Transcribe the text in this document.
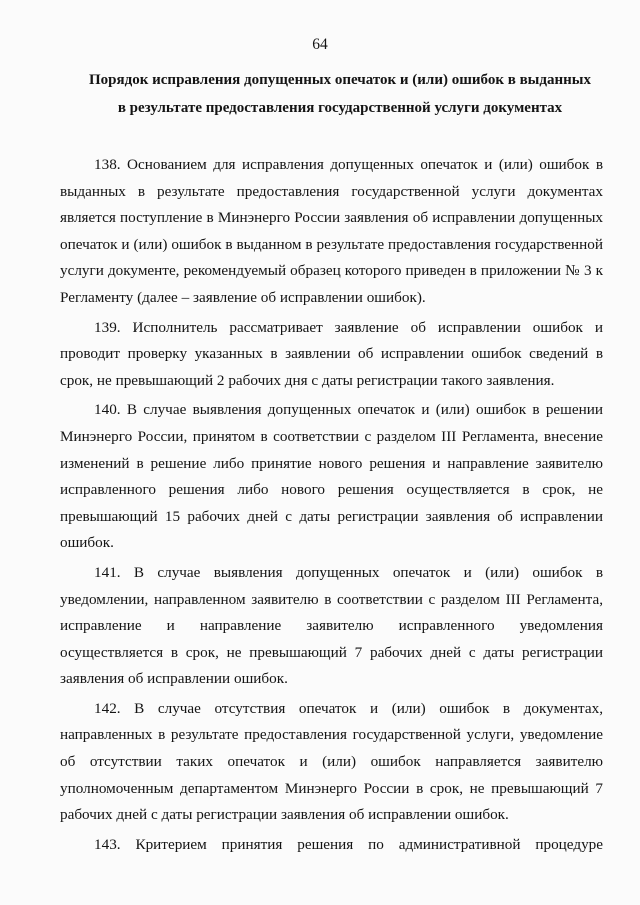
64
Порядок исправления допущенных опечаток и (или) ошибок в выданных
в результате предоставления государственной услуги документах

138. Основанием для исправления допущенных опечаток и (или) ошибок в выданных в результате предоставления государственной услуги документах является поступление в Минэнерго России заявления об исправлении допущенных опечаток и (или) ошибок в выданном в результате предоставления государственной услуги документе, рекомендуемый образец которого приведен в приложении № 3 к Регламенту (далее – заявление об исправлении ошибок).

139. Исполнитель рассматривает заявление об исправлении ошибок и проводит проверку указанных в заявлении об исправлении ошибок сведений в срок, не превышающий 2 рабочих дня с даты регистрации такого заявления.

140. В случае выявления допущенных опечаток и (или) ошибок в решении Минэнерго России, принятом в соответствии с разделом III Регламента, внесение изменений в решение либо принятие нового решения и направление заявителю исправленного решения либо нового решения осуществляется в срок, не превышающий 15 рабочих дней с даты регистрации заявления об исправлении ошибок.

141. В случае выявления допущенных опечаток и (или) ошибок в уведомлении, направленном заявителю в соответствии с разделом III Регламента, исправление и направление заявителю исправленного уведомления осуществляется в срок, не превышающий 7 рабочих дней с даты регистрации заявления об исправлении ошибок.

142. В случае отсутствия опечаток и (или) ошибок в документах, направленных в результате предоставления государственной услуги, уведомление об отсутствии таких опечаток и (или) ошибок направляется заявителю уполномоченным департаментом Минэнерго России в срок, не превышающий 7 рабочих дней с даты регистрации заявления об исправлении ошибок.

143. Критерием принятия решения по административной процедуре
